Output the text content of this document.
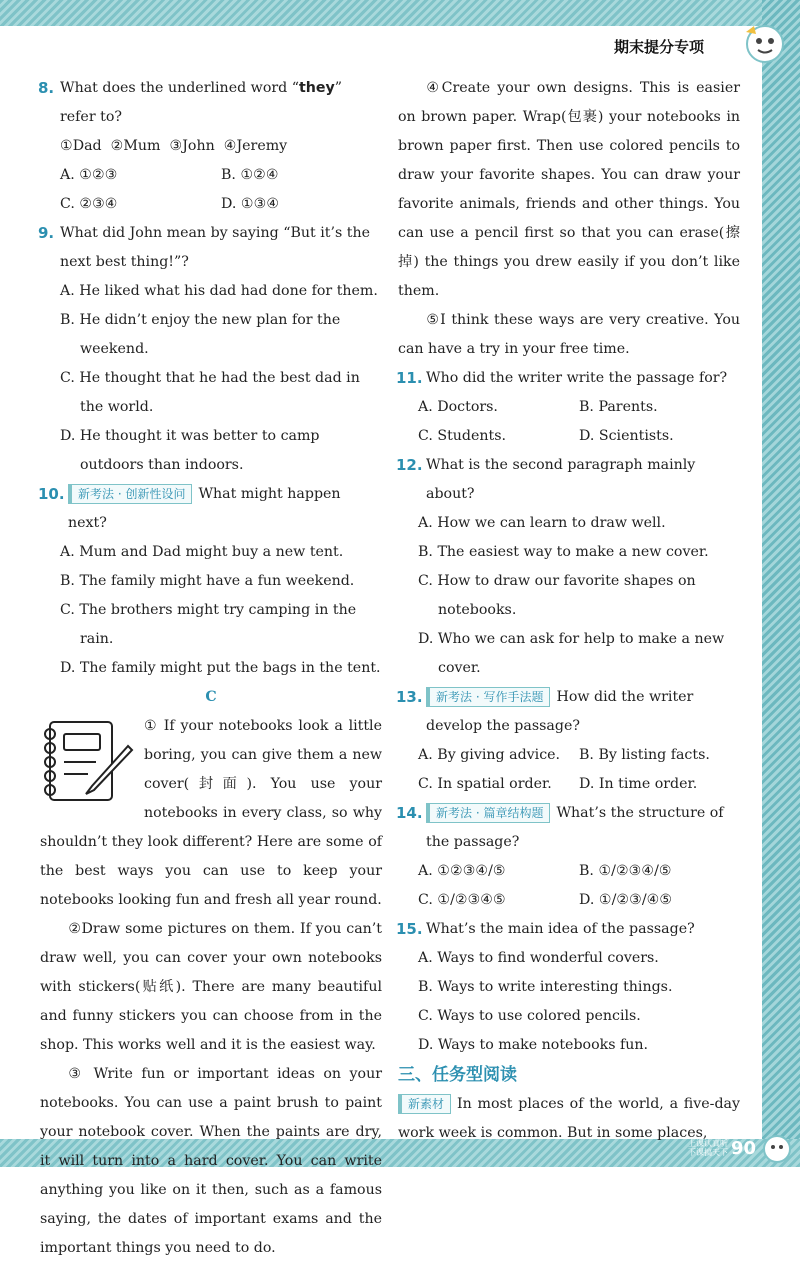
期末提分专项
8. What does the underlined word “they” refer to?
①Dad  ②Mum  ③John  ④Jeremy
A. ①②③	B. ①②④
C. ②③④	D. ①③④
9. What did John mean by saying “But it’s the next best thing!”?
A. He liked what his dad had done for them.
B. He didn’t enjoy the new plan for the weekend.
C. He thought that he had the best dad in the world.
D. He thought it was better to camp outdoors than indoors.
10. 新考法 · 创新性设问 What might happen next?
A. Mum and Dad might buy a new tent.
B. The family might have a fun weekend.
C. The brothers might try camping in the rain.
D. The family might put the bags in the tent.
C
① If your notebooks look a little boring, you can give them a new cover(封面). You use your notebooks in every class, so why shouldn’t they look different? Here are some of the best ways you can use to keep your notebooks looking fun and fresh all year round.
②Draw some pictures on them. If you can’t draw well, you can cover your own notebooks with stickers(贴纸). There are many beautiful and funny stickers you can choose from in the shop. This works well and it is the easiest way.
③ Write fun or important ideas on your notebooks. You can use a paint brush to paint your notebook cover. When the paints are dry, it will turn into a hard cover. You can write anything you like on it then, such as a famous saying, the dates of important exams and the important things you need to do.
④Create your own designs. This is easier on brown paper. Wrap(包裹) your notebooks in brown paper first. Then use colored pencils to draw your favorite shapes. You can draw your favorite animals, friends and other things. You can use a pencil first so that you can erase(擦掉) the things you drew easily if you don’t like them.
⑤I think these ways are very creative. You can have a try in your free time.
11. Who did the writer write the passage for?
A. Doctors.	B. Parents.
C. Students.	D. Scientists.
12. What is the second paragraph mainly about?
A. How we can learn to draw well.
B. The easiest way to make a new cover.
C. How to draw our favorite shapes on notebooks.
D. Who we can ask for help to make a new cover.
13. 新考法 · 写作手法题 How did the writer develop the passage?
A. By giving advice.	B. By listing facts.
C. In spatial order.	D. In time order.
14. 新考法 · 篇章结构题 What’s the structure of the passage?
A. ①②③④/⑤	B. ①/②③④/⑤
C. ①/②③④⑤	D. ①/②③/④⑤
15. What’s the main idea of the passage?
A. Ways to find wonderful covers.
B. Ways to write interesting things.
C. Ways to use colored pencils.
D. Ways to make notebooks fun.
三、任务型阅读
新素材 In most places of the world, a five-day work week is common. But in some places,
上课认真听
下课搞天下 90
